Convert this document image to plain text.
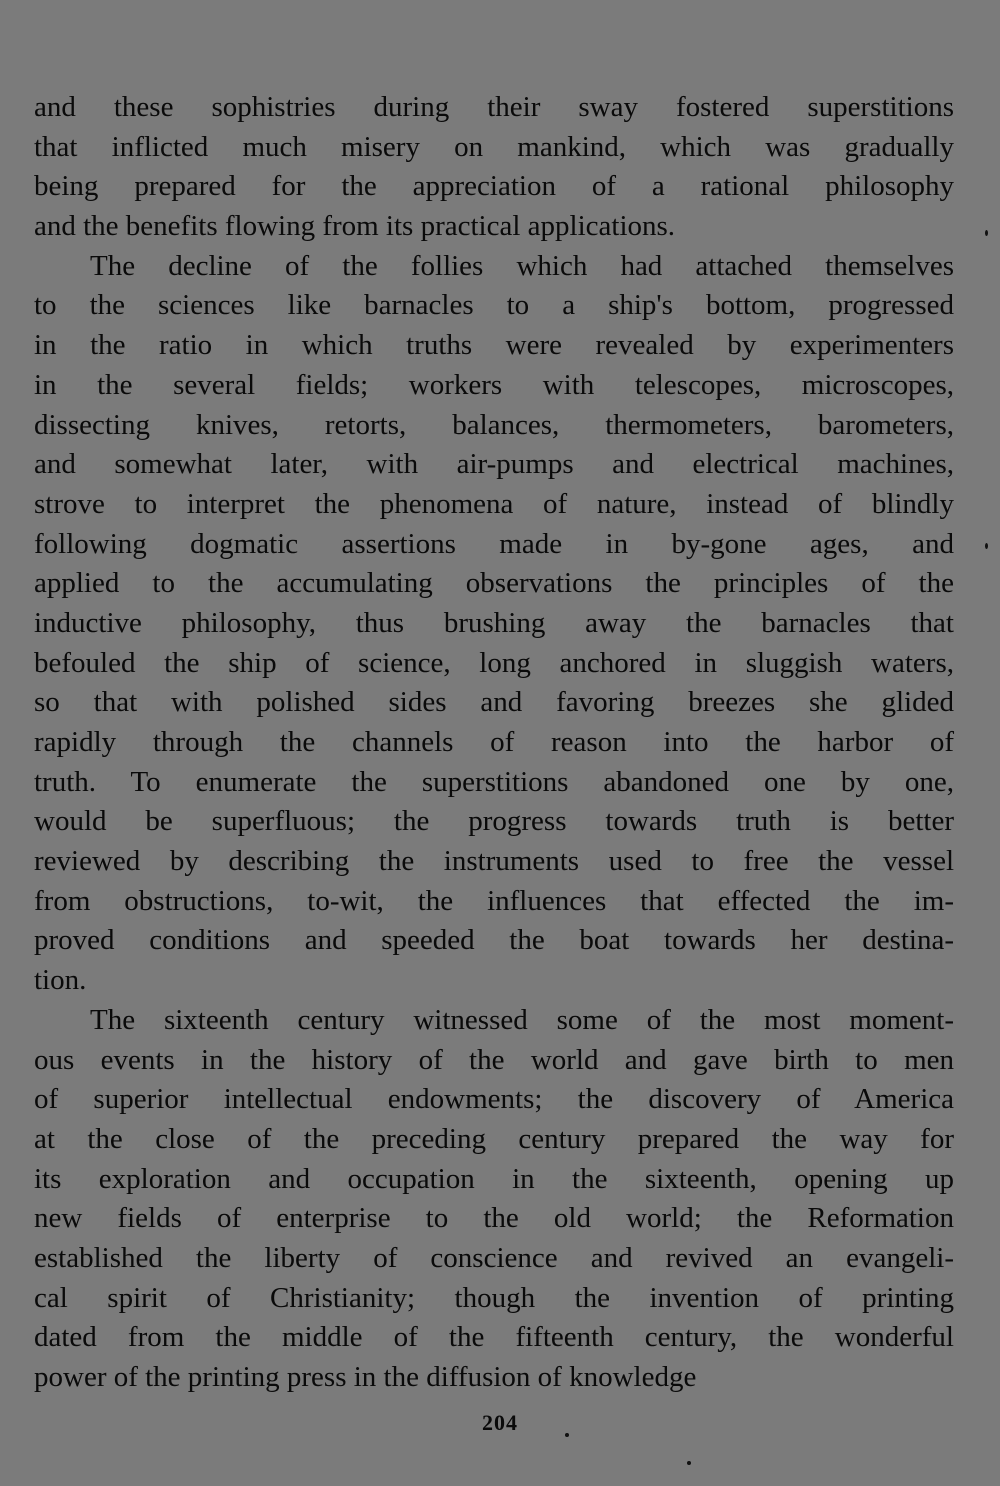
and these sophistries during their sway fostered superstitions
that inflicted much misery on mankind, which was gradually
being prepared for the appreciation of a rational philosophy
and the benefits flowing from its practical applications.
The decline of the follies which had attached themselves
to the sciences like barnacles to a ship's bottom, progressed
in the ratio in which truths were revealed by experimenters
in the several fields; workers with telescopes, microscopes,
dissecting knives, retorts, balances, thermometers, barometers,
and somewhat later, with air-pumps and electrical machines,
strove to interpret the phenomena of nature, instead of blindly
following dogmatic assertions made in by-gone ages, and
applied to the accumulating observations the principles of the
inductive philosophy, thus brushing away the barnacles that
befouled the ship of science, long anchored in sluggish waters,
so that with polished sides and favoring breezes she glided
rapidly through the channels of reason into the harbor of
truth. To enumerate the superstitions abandoned one by one,
would be superfluous; the progress towards truth is better
reviewed by describing the instruments used to free the vessel
from obstructions, to-wit, the influences that effected the im-
proved conditions and speeded the boat towards her destina-
tion.
The sixteenth century witnessed some of the most moment-
ous events in the history of the world and gave birth to men
of superior intellectual endowments; the discovery of America
at the close of the preceding century prepared the way for
its exploration and occupation in the sixteenth, opening up
new fields of enterprise to the old world; the Reformation
established the liberty of conscience and revived an evangeli-
cal spirit of Christianity; though the invention of printing
dated from the middle of the fifteenth century, the wonderful
power of the printing press in the diffusion of knowledge
204
